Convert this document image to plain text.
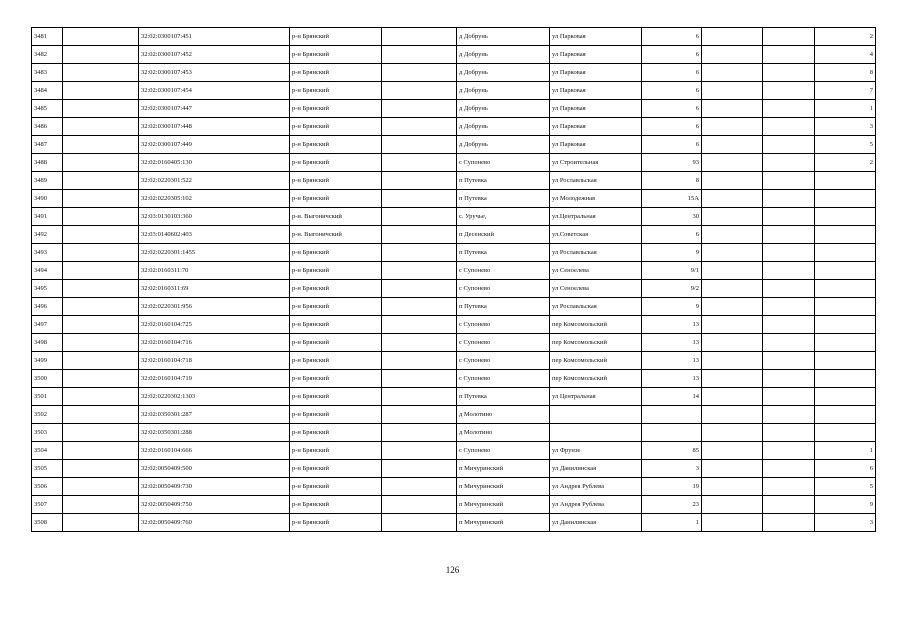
3481		32:02:0300107:451	р-н Брянский		д Добрунь	ул Парковая	6			2
3482		32:02:0300107:452	р-н Брянский		д Добрунь	ул Парковая	6			4
3483		32:02:0300107:453	р-н Брянский		д Добрунь	ул Парковая	6			8
3484		32:02:0300107:454	р-н Брянский		д Добрунь	ул Парковая	6			7
3485		32:02:0300107:447	р-н Брянский		д Добрунь	ул Парковая	6			1
3486		32:02:0300107:448	р-н Брянский		д Добрунь	ул Парковая	6			3
3487		32:02:0300107:449	р-н Брянский		д Добрунь	ул Парковая	6			5
3488		32:02:0160405:130	р-н Брянский		с Супонево	ул Строительная	93			2
3489		32:02:0220301:522	р-н Брянский		п Путевка	ул Рославльская	8			
3490		32:02:0220305:102	р-н Брянский		п Путевка	ул Молодежная	15А			
3491		32:03:0130103:360	р-н. Выгоничский		с. Уручье,	ул.Центральная	30			
3492		32:03:0140602:403	р-н. Выгоничский		п Десенский	ул.Советская	6			
3493		32:02:0220301:1455	р-н Брянский		п Путевка	ул Рославльская	9			
3494		32:02:0160311:70	р-н Брянский		с Супонево	ул Сеноелева	9/1			
3495		32:02:0160311:69	р-н Брянский		с Супонево	ул Сеноелева	9/2			
3496		32:02:0220301:956	р-н Брянский		п Путевка	ул Рославльская	9			
3497		32:02:0160104:725	р-н Брянский		с Супонево	пер Комсомольский	13			
3498		32:02:0160104:716	р-н Брянский		с Супонево	пер Комсомольский	13			
3499		32:02:0160104:718	р-н Брянский		с Супонево	пер Комсомольский	13			
3500		32:02:0160104:719	р-н Брянский		с Супонево	пер Комсомольский	13			
3501		32:02:0220302:1303	р-н Брянский		п Путевка	ул Центральная	14			
3502		32:02:0350301:287	р-н Брянский		д Молотино					
3503		32:02:0350301:288	р-н Брянский		д Молотино					
3504		32:02:0160104:666	р-н Брянский		с Супонево	ул Фрунзе	85			1
3505		32:02:0050409:500	р-н Брянский		п Мичуринский	ул Данилинская	3			6
3506		32:02:0050409:730	р-н Брянский		п Мичуринский	ул Андрея Рублева	19			5
3507		32:02:0050409:750	р-н Брянский		п Мичуринский	ул Андрея Рублева	23			9
3508		32:02:0050409:760	р-н Брянский		п Мичуринский	ул Данилинская	1			3
126
